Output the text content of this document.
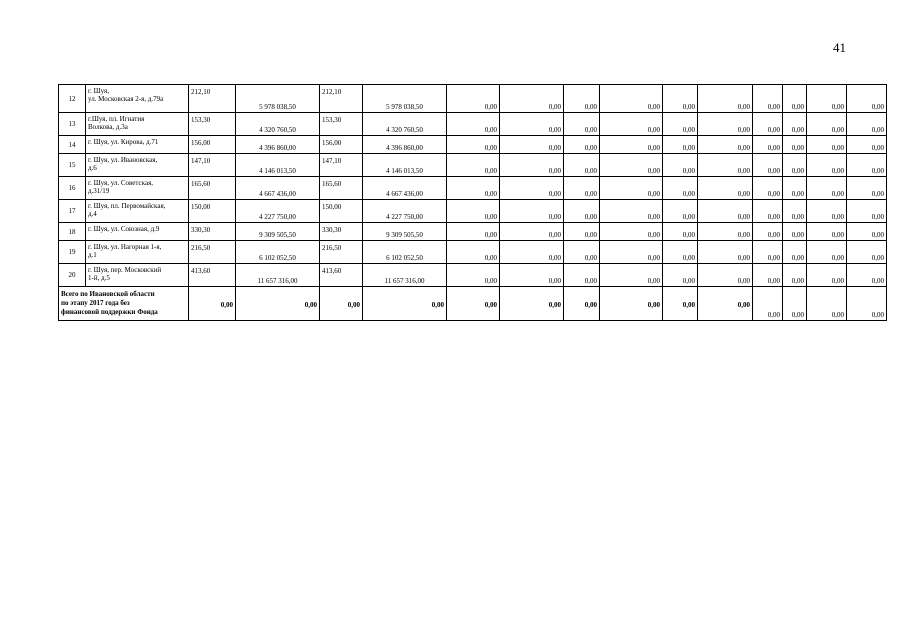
41
12	г. Шуя,
ул. Московская 2-я, д.79а	212,10	5 978 038,50	212,10	5 978 038,50	0,00	0,00	0,00	0,00	0,00	0,00	0,00	0,00	0,00	0,00
13	г.Шуя, пл. Игнатия
Волкова, д.3а	153,30	4 320 760,50	153,30	4 320 760,50	0,00	0,00	0,00	0,00	0,00	0,00	0,00	0,00	0,00	0,00
14	г. Шуя, ул. Кирова, д.71	156,00	4 396 860,00	156,00	4 396 860,00	0,00	0,00	0,00	0,00	0,00	0,00	0,00	0,00	0,00	0,00
15	г. Шуя, ул. Ивановская,
д.6	147,10	4 146 013,50	147,10	4 146 013,50	0,00	0,00	0,00	0,00	0,00	0,00	0,00	0,00	0,00	0,00
16	г. Шуя, ул. Советская,
д.31/19	165,60	4 667 436,00	165,60	4 667 436,00	0,00	0,00	0,00	0,00	0,00	0,00	0,00	0,00	0,00	0,00
17	г. Шуя, пл. Первомайская,
д.4	150,00	4 227 750,00	150,00	4 227 750,00	0,00	0,00	0,00	0,00	0,00	0,00	0,00	0,00	0,00	0,00
18	г. Шуя, ул. Союзная, д.9	330,30	9 309 505,50	330,30	9 309 505,50	0,00	0,00	0,00	0,00	0,00	0,00	0,00	0,00	0,00	0,00
19	г. Шуя, ул. Нагорная 1-я,
д.1	216,50	6 102 052,50	216,50	6 102 052,50	0,00	0,00	0,00	0,00	0,00	0,00	0,00	0,00	0,00	0,00
20	г. Шуя, пер. Московский
1-й, д.5	413,60	11 657 316,00	413,60	11 657 316,00	0,00	0,00	0,00	0,00	0,00	0,00	0,00	0,00	0,00	0,00

Всего по Ивановской области
по этапу 2017 года без
финансовой поддержки Фонда		0,00	0,00	0,00	0,00	0,00	0,00	0,00	0,00	0,00	0,00	0,00	0,00	0,00	0,00
